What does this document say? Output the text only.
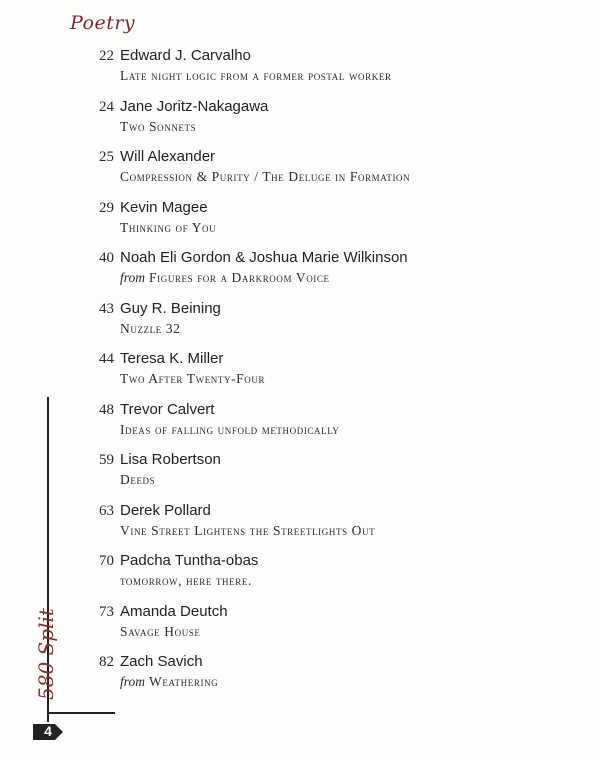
Poetry
22 Edward J. Carvalho
Late night logic from a former postal worker
24 Jane Joritz-Nakagawa
Two Sonnets
25 Will Alexander
Compression & Purity / The Deluge in Formation
29 Kevin Magee
Thinking of You
40 Noah Eli Gordon & Joshua Marie Wilkinson
from Figures for a Darkroom Voice
43 Guy R. Beining
Nuzzle 32
44 Teresa K. Miller
Two After Twenty-Four
48 Trevor Calvert
Ideas of falling unfold methodically
59 Lisa Robertson
Deeds
63 Derek Pollard
Vine Street Lightens the Streetlights Out
70 Padcha Tuntha-obas
tomorrow, here there.
73 Amanda Deutch
Savage House
82 Zach Savich
from Weathering
580 Split
4
